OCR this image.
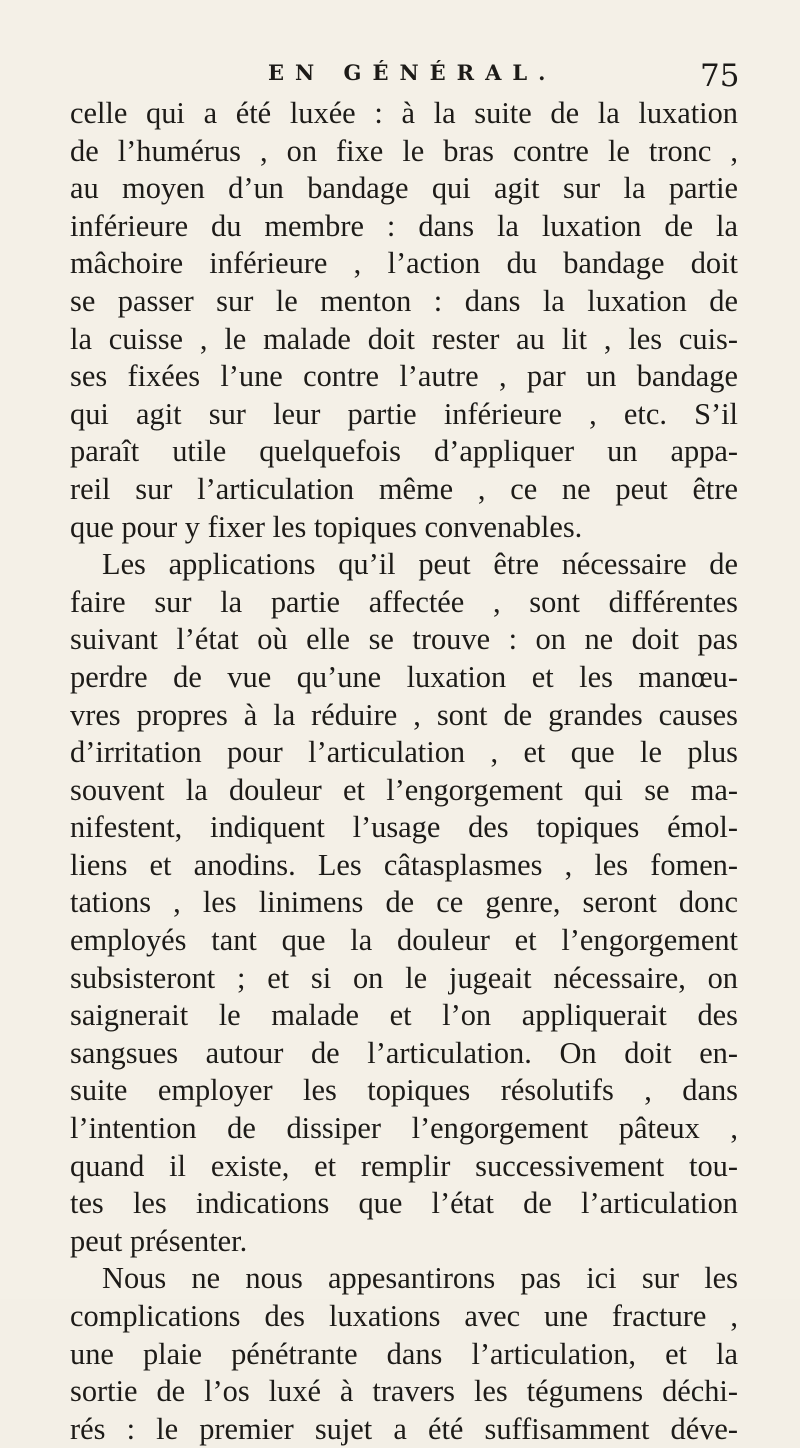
EN GÉNÉRAL.	75
celle qui a été luxée : à la suite de la luxation
de l’humérus , on fixe le bras contre le tronc ,
au moyen d’un bandage qui agit sur la partie
inférieure du membre : dans la luxation de la
mâchoire inférieure , l’action du bandage doit
se passer sur le menton : dans la luxation de
la cuisse , le malade doit rester au lit , les cuis-
ses fixées l’une contre l’autre , par un bandage
qui agit sur leur partie inférieure , etc. S’il
paraît utile quelquefois d’appliquer un appa-
reil sur l’articulation même , ce ne peut être
que pour y fixer les topiques convenables.
Les applications qu’il peut être nécessaire de
faire sur la partie affectée , sont différentes
suivant l’état où elle se trouve : on ne doit pas
perdre de vue qu’une luxation et les manœu-
vres propres à la réduire , sont de grandes causes
d’irritation pour l’articulation , et que le plus
souvent la douleur et l’engorgement qui se ma-
nifestent, indiquent l’usage des topiques émol-
liens et anodins. Les câtasplasmes , les fomen-
tations , les linimens de ce genre, seront donc
employés tant que la douleur et l’engorgement
subsisteront ; et si on le jugeait nécessaire, on
saignerait le malade et l’on appliquerait des
sangsues autour de l’articulation. On doit en-
suite employer les topiques résolutifs , dans
l’intention de dissiper l’engorgement pâteux ,
quand il existe, et remplir successivement tou-
tes les indications que l’état de l’articulation
peut présenter.
Nous ne nous appesantirons pas ici sur les
complications des luxations avec une fracture ,
une plaie pénétrante dans l’articulation, et la
sortie de l’os luxé à travers les tégumens déchi-
rés : le premier sujet a été suffisamment déve-
